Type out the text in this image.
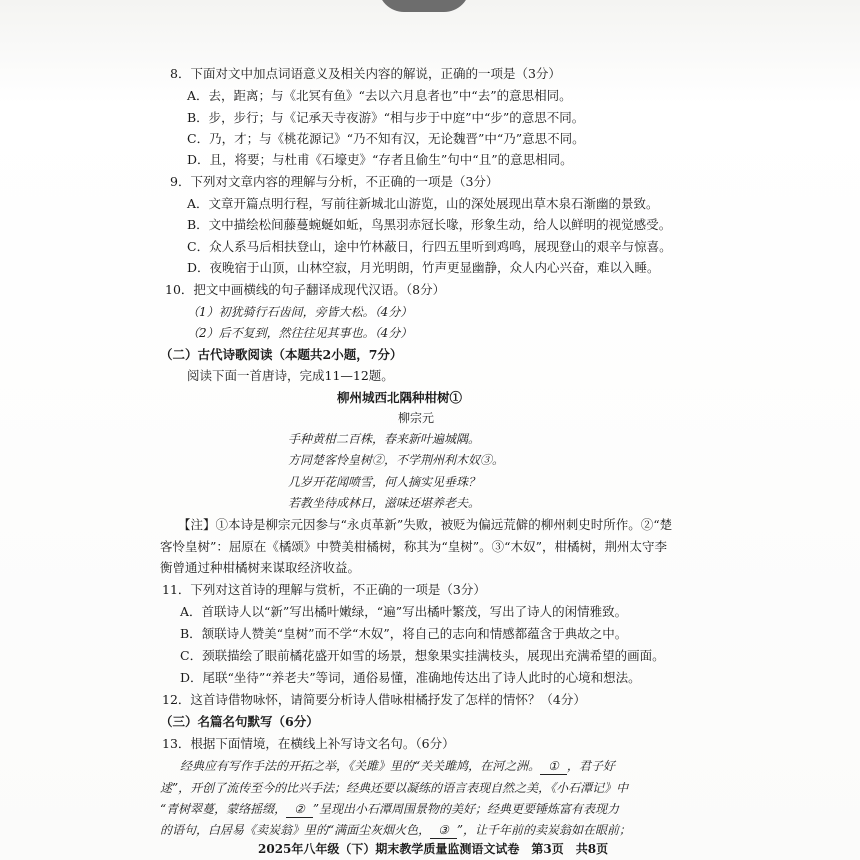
8．下面对文中加点词语意义及相关内容的解说，正确的一项是（3分）
A．去，距离；与《北冥有鱼》“去以六月息者也”中“去”的意思相同。
B．步，步行；与《记承天寺夜游》“相与步于中庭”中“步”的意思不同。
C．乃，才；与《桃花源记》“乃不知有汉，无论魏晋”中“乃”意思不同。
D．且，将要；与杜甫《石壕吏》“存者且偷生”句中“且”的意思相同。
9．下列对文章内容的理解与分析，不正确的一项是（3分）
A．文章开篇点明行程，写前往新城北山游览，山的深处展现出草木泉石渐幽的景致。
B．文中描绘松间藤蔓蜿蜒如蚯，鸟黑羽赤冠长喙，形象生动，给人以鲜明的视觉感受。
C．众人系马后相扶登山，途中竹林蔽日，行四五里听到鸡鸣，展现登山的艰辛与惊喜。
D．夜晚宿于山顶，山林空寂，月光明朗，竹声更显幽静，众人内心兴奋，难以入睡。
10．把文中画横线的句子翻译成现代汉语。（8分）
（1）初犹骑行石齿间，旁皆大松。（4分）
（2）后不复到，然往往见其事也。（4分）
（二）古代诗歌阅读（本题共2小题，7分）
阅读下面一首唐诗，完成11—12题。
柳州城西北隅种柑树①
柳宗元
手种黄柑二百株，春来新叶遍城隅。
方同楚客怜皇树②，不学荆州利木奴③。
几岁开花闻喷雪，何人摘实见垂珠？
若教坐待成林日，滋味还堪养老夫。
【注】①本诗是柳宗元因参与“永贞革新”失败，被贬为偏远荒僻的柳州刺史时所作。②“楚
客怜皇树”：屈原在《橘颂》中赞美柑橘树，称其为“皇树”。③“木奴”，柑橘树，荆州太守李
衡曾通过种柑橘树来谋取经济收益。
11．下列对这首诗的理解与赏析，不正确的一项是（3分）
A．首联诗人以“新”写出橘叶嫩绿，“遍”写出橘叶繁茂，写出了诗人的闲情雅致。
B．颔联诗人赞美“皇树”而不学“木奴”，将自己的志向和情感都蕴含于典故之中。
C．颈联描绘了眼前橘花盛开如雪的场景，想象果实挂满枝头，展现出充满希望的画面。
D．尾联“坐待”“养老夫”等词，通俗易懂，准确地传达出了诗人此时的心境和想法。
12．这首诗借物咏怀，请简要分析诗人借咏柑橘抒发了怎样的情怀？（4分）
（三）名篇名句默写（6分）
13．根据下面情境，在横线上补写诗文名句。（6分）
经典应有写作手法的开拓之举，《关雎》里的“关关雎鸠，在河之洲。 ① ，君子好
逑”，开创了流传至今的比兴手法；经典还要以凝练的语言表现自然之美，《小石潭记》中
“青树翠蔓，蒙络摇缀， ② ”呈现出小石潭周围景物的美好；经典更要锤炼富有表现力
的语句，白居易《卖炭翁》里的“满面尘灰烟火色， ③ ”，让千年前的卖炭翁如在眼前；
2025年八年级（下）期末教学质量监测语文试卷　第3页　共8页
